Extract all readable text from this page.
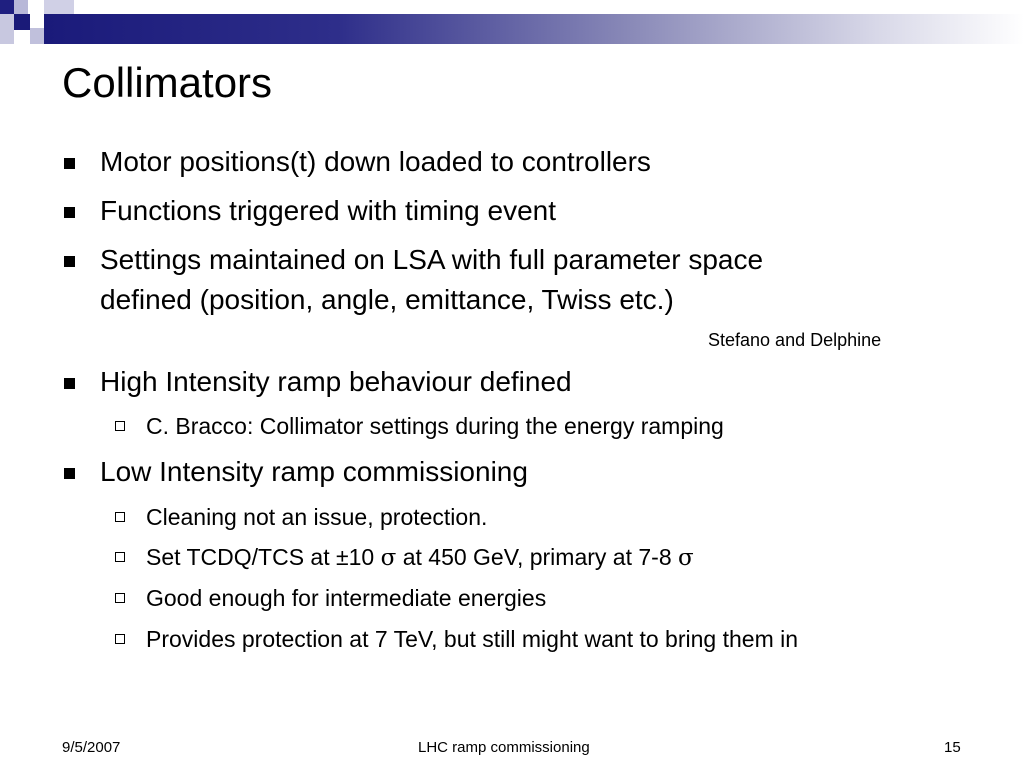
Collimators
Motor positions(t) down loaded to controllers
Functions triggered with timing event
Settings maintained on LSA with full parameter space
defined (position, angle, emittance, Twiss etc.)
Stefano and Delphine
High Intensity ramp behaviour defined
C. Bracco: Collimator settings during the energy ramping
Low Intensity ramp commissioning
Cleaning not an issue, protection.
Set TCDQ/TCS at ±10 σ at 450 GeV, primary at 7-8 σ
Good enough for intermediate energies
Provides protection at 7 TeV, but still might want to bring them in
9/5/2007	LHC ramp commissioning	15
